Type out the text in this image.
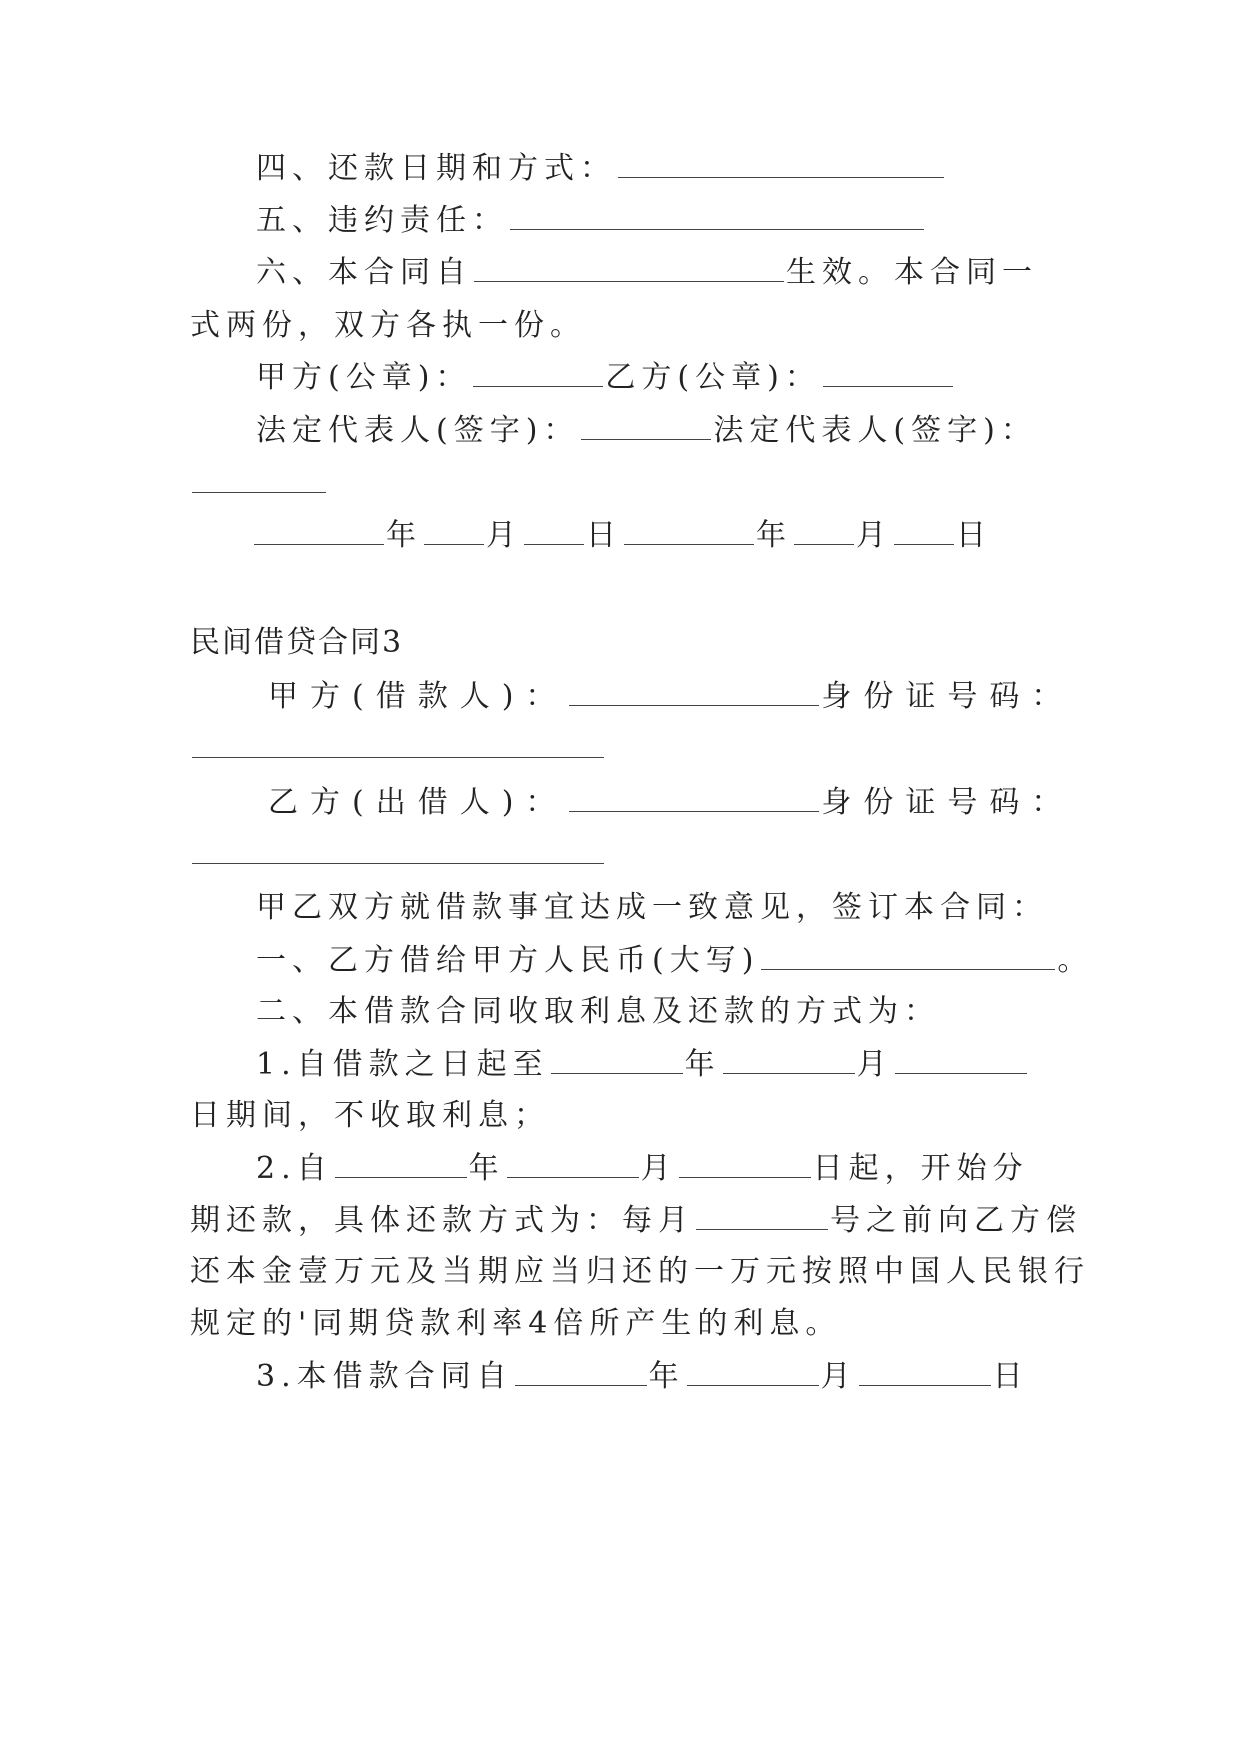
四、还款日期和方式：
五、违约责任：
六、本合同自	生效。本合同一
式两份，双方各执一份。
甲方(公章)：	乙方(公章)：
法定代表人(签字)：	法定代表人(签字)：
年 月 日	年 月 日
民间借贷合同3
甲方(借款人)：	身份证号码：
乙方(出借人)：	身份证号码：
甲乙双方就借款事宜达成一致意见，签订本合同：
一、乙方借给甲方人民币(大写)	。
二、本借款合同收取利息及还款的方式为：
1.自借款之日起至	年	月
日期间，不收取利息；
2.自	年	月	日起，开始分
期还款，具体还款方式为：每月	号之前向乙方偿
还本金壹万元及当期应当归还的一万元按照中国人民银行
规定的'同期贷款利率4倍所产生的利息。
3.本借款合同自	年	月	日
